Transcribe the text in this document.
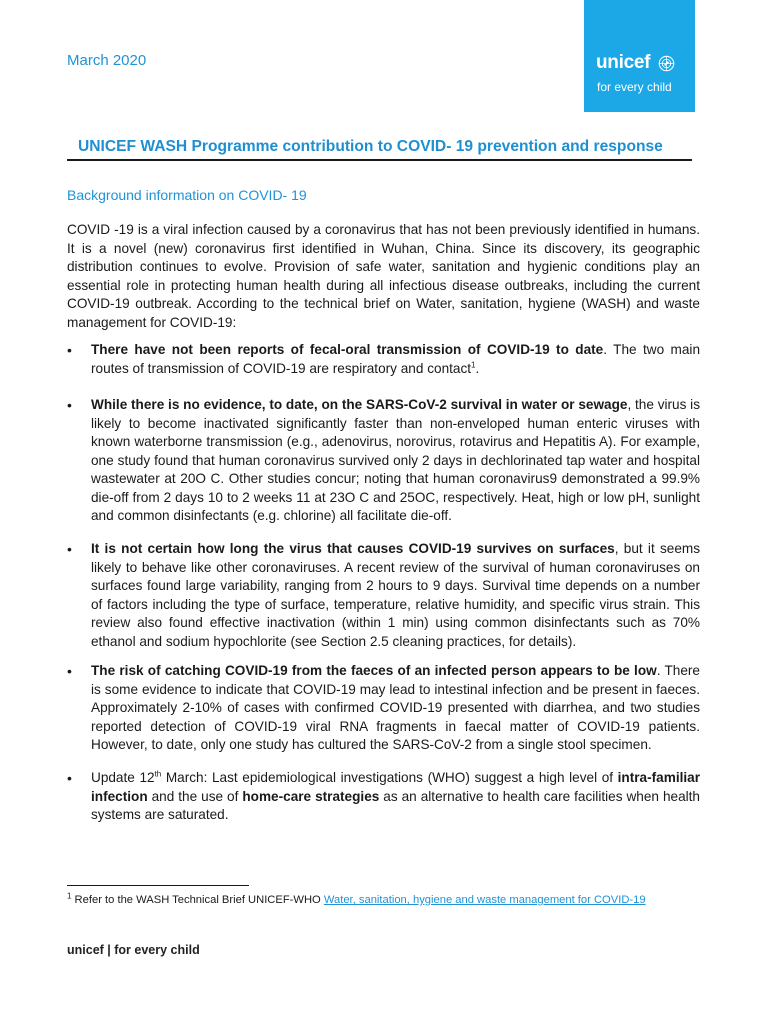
March 2020	unicef
for every child
UNICEF WASH Programme contribution to COVID- 19 prevention and response
Background information on COVID- 19

COVID -19 is a viral infection caused by a coronavirus that has not been previously identified in humans. It is a novel (new) coronavirus first identified in Wuhan, China. Since its discovery, its geographic distribution continues to evolve. Provision of safe water, sanitation and hygienic conditions play an essential role in protecting human health during all infectious disease outbreaks, including the current COVID-19 outbreak. According to the technical brief on Water, sanitation, hygiene (WASH) and waste management for COVID-19:

•	There have not been reports of fecal-oral transmission of COVID-19 to date. The two main routes of transmission of COVID-19 are respiratory and contact$^1$.

•	While there is no evidence, to date, on the SARS-CoV-2 survival in water or sewage, the virus is likely to become inactivated significantly faster than non-enveloped human enteric viruses with known waterborne transmission (e.g., adenovirus, norovirus, rotavirus and Hepatitis A). For example, one study found that human coronavirus survived only 2 days in dechlorinated tap water and hospital wastewater at 20O C. Other studies concur; noting that human coronavirus9 demonstrated a 99.9% die-off from 2 days 10 to 2 weeks 11 at 23O C and 25OC, respectively. Heat, high or low pH, sunlight and common disinfectants (e.g. chlorine) all facilitate die-off.

•	It is not certain how long the virus that causes COVID-19 survives on surfaces, but it seems likely to behave like other coronaviruses. A recent review of the survival of human coronaviruses on surfaces found large variability, ranging from 2 hours to 9 days. Survival time depends on a number of factors including the type of surface, temperature, relative humidity, and specific virus strain. This review also found effective inactivation (within 1 min) using common disinfectants such as 70% ethanol and sodium hypochlorite (see Section 2.5 cleaning practices, for details).

•	The risk of catching COVID-19 from the faeces of an infected person appears to be low. There is some evidence to indicate that COVID-19 may lead to intestinal infection and be present in faeces. Approximately 2-10% of cases with confirmed COVID-19 presented with diarrhea, and two studies reported detection of COVID-19 viral RNA fragments in faecal matter of COVID-19 patients. However, to date, only one study has cultured the SARS-CoV-2 from a single stool specimen.

•	Update 12th March: Last epidemiological investigations (WHO) suggest a high level of intra-familiar infection and the use of home-care strategies as an alternative to health care facilities when health systems are saturated.

$^1$ Refer to the WASH Technical Brief UNICEF-WHO Water, sanitation, hygiene and waste management for COVID-19
unicef | for every child
